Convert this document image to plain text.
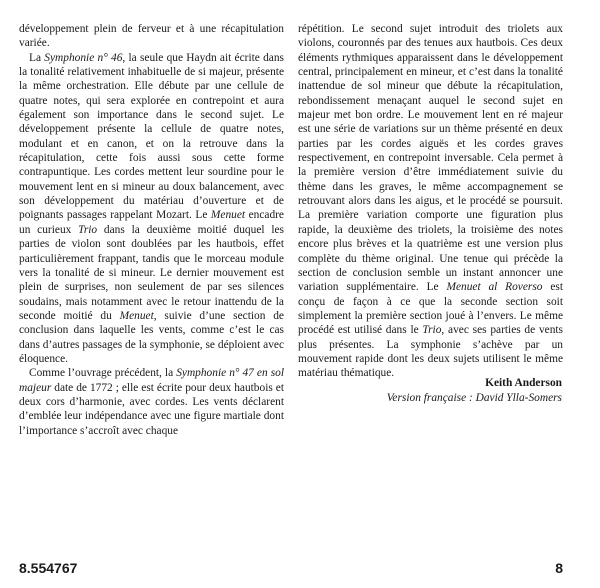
développement plein de ferveur et à une récapitulation variée.

La Symphonie n° 46, la seule que Haydn ait écrite dans la tonalité relativement inhabituelle de si majeur, présente la même orchestration. Elle débute par une cellule de quatre notes, qui sera explorée en contrepoint et aura également son importance dans le second sujet. Le développement présente la cellule de quatre notes, modulant et en canon, et on la retrouve dans la récapitulation, cette fois aussi sous cette forme contrapuntique. Les cordes mettent leur sourdine pour le mouvement lent en si mineur au doux balancement, avec son développement du matériau d’ouverture et de poignants passages rappelant Mozart. Le Menuet encadre un curieux Trio dans la deuxième moitié duquel les parties de violon sont doublées par les hautbois, effet particulièrement frappant, tandis que le morceau module vers la tonalité de si mineur. Le dernier mouvement est plein de surprises, non seulement de par ses silences soudains, mais notamment avec le retour inattendu de la seconde moitié du Menuet, suivie d’une section de conclusion dans laquelle les vents, comme c’est le cas dans d’autres passages de la symphonie, se déploient avec éloquence.

Comme l’ouvrage précédent, la Symphonie n° 47 en sol majeur date de 1772 ; elle est écrite pour deux hautbois et deux cors d’harmonie, avec cordes. Les vents déclarent d’emblée leur indépendance avec une figure martiale dont l’importance s’accroît avec chaque

répétition. Le second sujet introduit des triolets aux violons, couronnés par des tenues aux hautbois. Ces deux éléments rythmiques apparaissent dans le développement central, principalement en mineur, et c’est dans la tonalité inattendue de sol mineur que débute la récapitulation, rebondissement menaçant auquel le second sujet en majeur met bon ordre. Le mouvement lent en ré majeur est une série de variations sur un thème présenté en deux parties par les cordes aiguës et les cordes graves respectivement, en contrepoint inversable. Cela permet à la première version d’être immédiatement suivie du thème dans les graves, le même accompagnement se retrouvant alors dans les aigus, et le procédé se poursuit. La première variation comporte une figuration plus rapide, la deuxième des triolets, la troisième des notes encore plus brèves et la quatrième est une version plus complète du thème original. Une tenue qui précède la section de conclusion semble un instant annoncer une variation supplémentaire. Le Menuet al Roverso est conçu de façon à ce que la seconde section soit simplement la première section joué à l’envers. Le même procédé est utilisé dans le Trio, avec ses parties de vents plus présentes. La symphonie s’achève par un mouvement rapide dont les deux sujets utilisent le même matériau thématique.

Keith Anderson
Version française : David Ylla-Somers
8.554767	8
